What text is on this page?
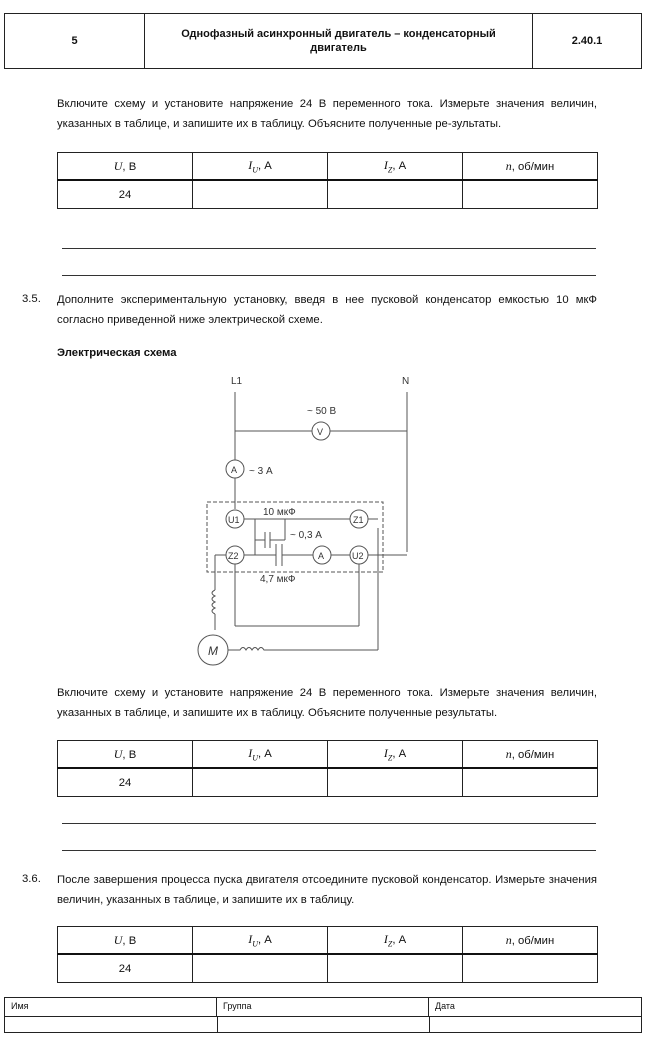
5
Однофазный асинхронный двигатель – конденсаторный двигатель
2.40.1
Включите схему и установите напряжение 24 В переменного тока. Измерьте значения величин, указанных в таблице, и запишите их в таблицу. Объясните полученные ре-зультаты.
U, В	$I_U$, А	$I_Z$, А	n, об/мин
24			
3.5. Дополните экспериментальную установку, введя в нее пусковой конденсатор емкостью 10 мкФ согласно приведенной ниже электрической схеме.
Электрическая схема
L1	N
V
~ 50 В
A ~ 3 А
U1	Z1
Z2	U2
10 мкФ
A
~ 0,3 А
4,7 мкФ
M
Включите схему и установите напряжение 24 В переменного тока. Измерьте значения величин, указанных в таблице, и запишите их в таблицу. Объясните полученные результаты.
U, В	$I_U$, А	$I_Z$, А	n, об/мин
24			
3.6. После завершения процесса пуска двигателя отсоедините пусковой конденсатор. Измерьте значения величин, указанных в таблице, и запишите их в таблицу.
U, В	$I_U$, А	$I_Z$, А	n, об/мин
24			
Имя	Группа	Дата
